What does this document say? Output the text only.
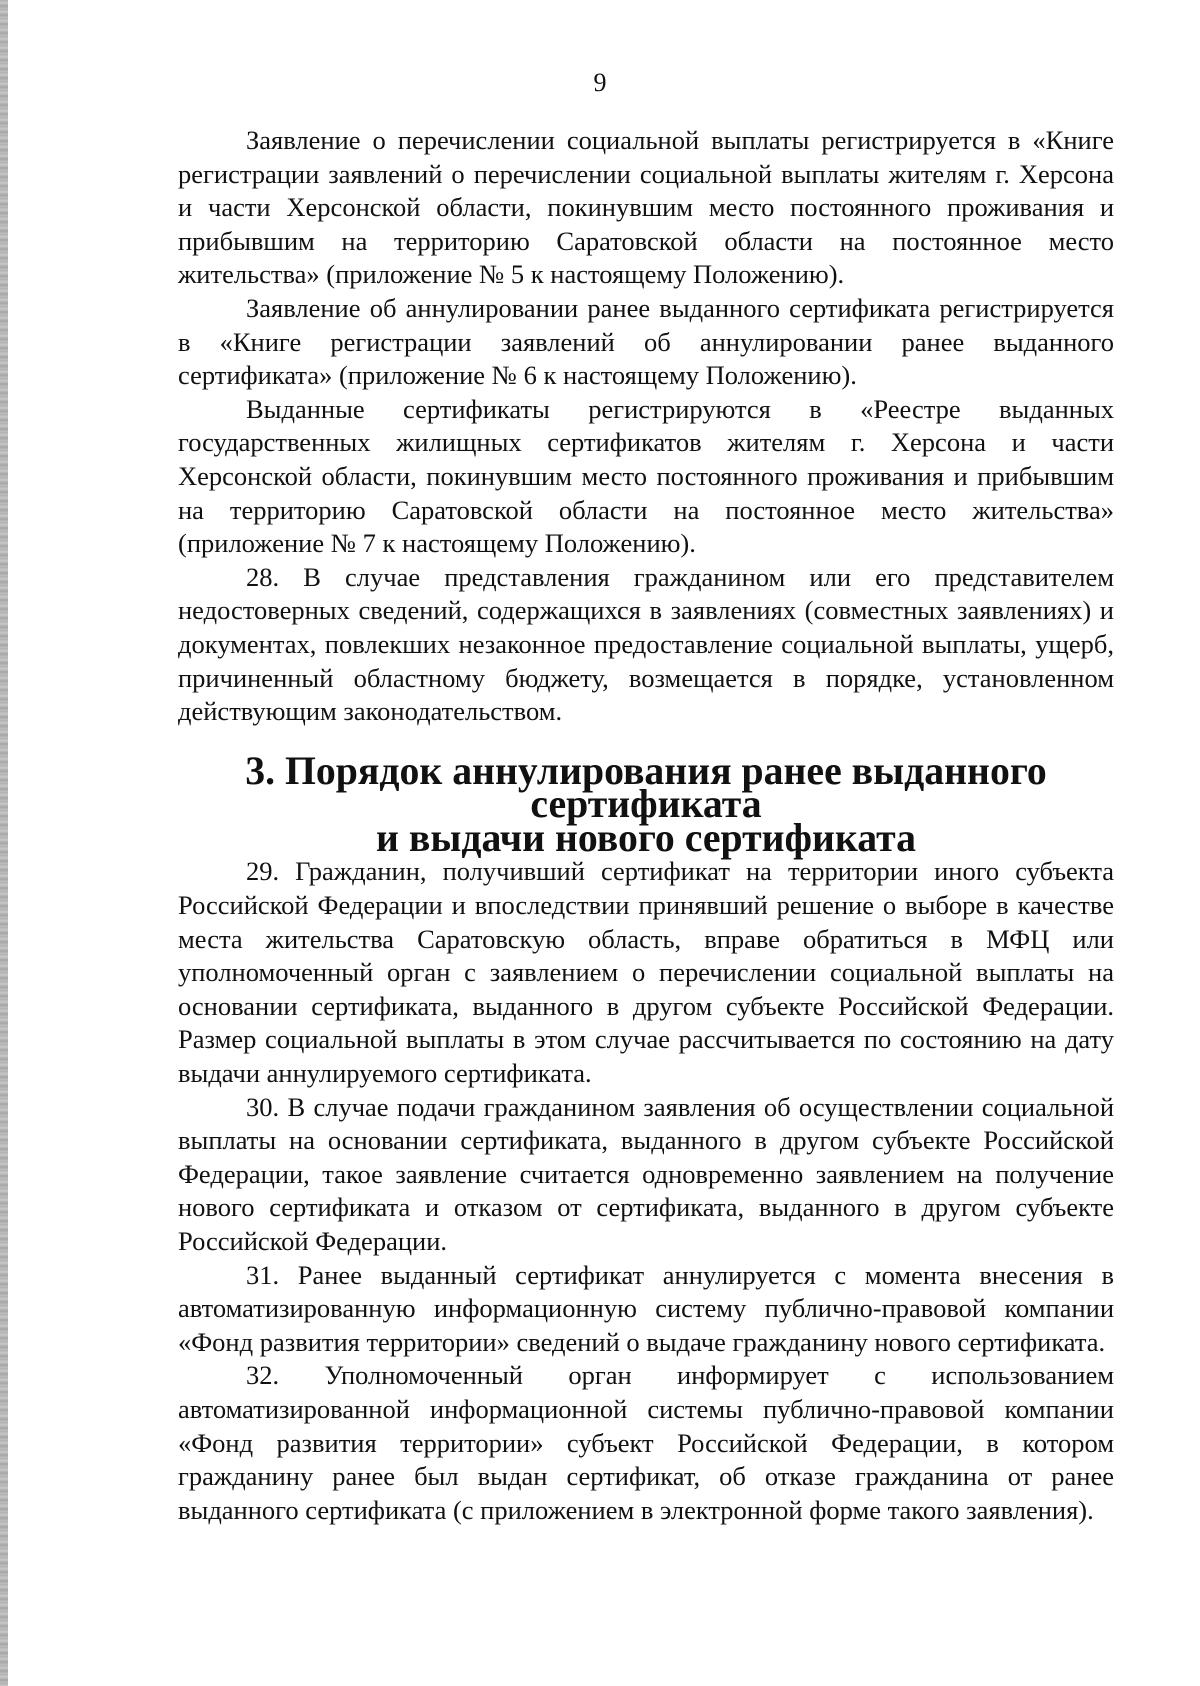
9

Заявление о перечислении социальной выплаты регистрируется в «Книге регистрации заявлений о перечислении социальной выплаты жителям г. Херсона и части Херсонской области, покинувшим место постоянного проживания и прибывшим на территорию Саратовской области на постоянное место жительства» (приложение № 5 к настоящему Положению).

Заявление об аннулировании ранее выданного сертификата регистрируется в «Книге регистрации заявлений об аннулировании ранее выданного сертификата» (приложение № 6 к настоящему Положению).

Выданные сертификаты регистрируются в «Реестре выданных государственных жилищных сертификатов жителям г. Херсона и части Херсонской области, покинувшим место постоянного проживания и прибывшим на территорию Саратовской области на постоянное место жительства» (приложение № 7 к настоящему Положению).

28. В случае представления гражданином или его представителем недостоверных сведений, содержащихся в заявлениях (совместных заявлениях) и документах, повлекших незаконное предоставление социальной выплаты, ущерб, причиненный областному бюджету, возмещается в порядке, установленном действующим законодательством.

3. Порядок аннулирования ранее выданного сертификата
и выдачи нового сертификата

29. Гражданин, получивший сертификат на территории иного субъекта Российской Федерации и впоследствии принявший решение о выборе в качестве места жительства Саратовскую область, вправе обратиться в МФЦ или уполномоченный орган с заявлением о перечислении социальной выплаты на основании сертификата, выданного в другом субъекте Российской Федерации. Размер социальной выплаты в этом случае рассчитывается по состоянию на дату выдачи аннулируемого сертификата.

30. В случае подачи гражданином заявления об осуществлении социальной выплаты на основании сертификата, выданного в другом субъекте Российской Федерации, такое заявление считается одновременно заявлением на получение нового сертификата и отказом от сертификата, выданного в другом субъекте Российской Федерации.

31. Ранее выданный сертификат аннулируется с момента внесения в автоматизированную информационную систему публично-правовой компании «Фонд развития территории» сведений о выдаче гражданину нового сертификата.

32. Уполномоченный орган информирует с использованием автоматизированной информационной системы публично-правовой компании «Фонд развития территории» субъект Российской Федерации, в котором гражданину ранее был выдан сертификат, об отказе гражданина от ранее выданного сертификата (с приложением в электронной форме такого заявления).
